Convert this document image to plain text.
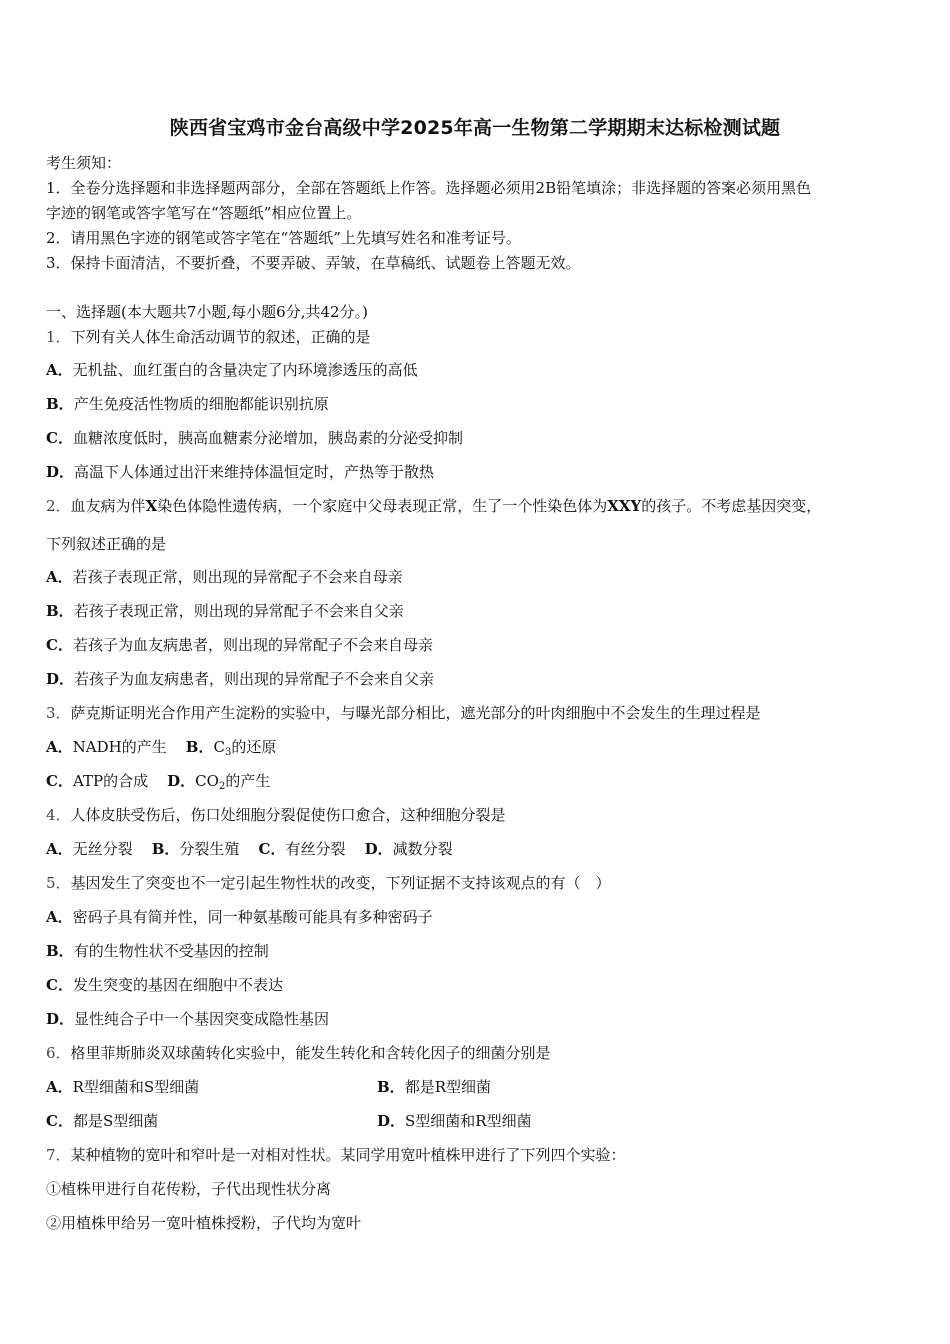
陕西省宝鸡市金台高级中学2025年高一生物第二学期期末达标检测试题
考生须知：
1．全卷分选择题和非选择题两部分，全部在答题纸上作答。选择题必须用2B铅笔填涂；非选择题的答案必须用黑色
字迹的钢笔或答字笔写在“答题纸”相应位置上。
2．请用黑色字迹的钢笔或答字笔在“答题纸”上先填写姓名和准考证号。
3．保持卡面清洁，不要折叠，不要弄破、弄皱，在草稿纸、试题卷上答题无效。
一、选择题(本大题共7小题,每小题6分,共42分。)
1．下列有关人体生命活动调节的叙述，正确的是
A．无机盐、血红蛋白的含量决定了内环境渗透压的高低
B．产生免疫活性物质的细胞都能识别抗原
C．血糖浓度低时，胰高血糖素分泌增加，胰岛素的分泌受抑制
D．高温下人体通过出汗来维持体温恒定时，产热等于散热
2．血友病为伴X染色体隐性遗传病，一个家庭中父母表现正常，生了一个性染色体为XXY的孩子。不考虑基因突变，
下列叙述正确的是
A．若孩子表现正常，则出现的异常配子不会来自母亲
B．若孩子表现正常，则出现的异常配子不会来自父亲
C．若孩子为血友病患者，则出现的异常配子不会来自母亲
D．若孩子为血友病患者，则出现的异常配子不会来自父亲
3．萨克斯证明光合作用产生淀粉的实验中，与曝光部分相比，遮光部分的叶肉细胞中不会发生的生理过程是
A．NADH的产生 B．$C_3$的还原
C．ATP的合成 D．$CO_2$的产生
4．人体皮肤受伤后，伤口处细胞分裂促使伤口愈合，这种细胞分裂是
A．无丝分裂 B．分裂生殖 C．有丝分裂 D．减数分裂
5．基因发生了突变也不一定引起生物性状的改变，下列证据不支持该观点的有（　）
A．密码子具有简并性，同一种氨基酸可能具有多种密码子
B．有的生物性状不受基因的控制
C．发生突变的基因在细胞中不表达
D．显性纯合子中一个基因突变成隐性基因
6．格里菲斯肺炎双球菌转化实验中，能发生转化和含转化因子的细菌分别是
A．R型细菌和S型细菌	B．都是R型细菌
C．都是S型细菌	D．S型细菌和R型细菌
7．某种植物的宽叶和窄叶是一对相对性状。某同学用宽叶植株甲进行了下列四个实验：
①植株甲进行自花传粉，子代出现性状分离
②用植株甲给另一宽叶植株授粉，子代均为宽叶
